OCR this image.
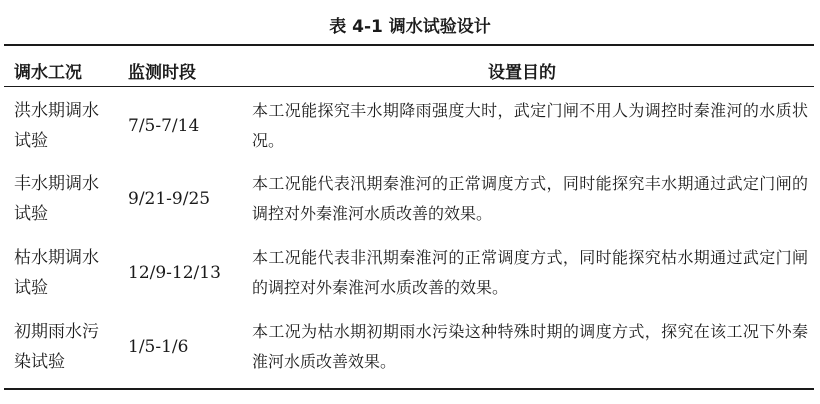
表 4-1 调水试验设计
调水工况	监测时段	设置目的
洪水期调水试验
7/5-7/14
本工况能探究丰水期降雨强度大时，武定门闸不用人为调控时秦淮河的水质状况。
丰水期调水试验
9/21-9/25
本工况能代表汛期秦淮河的正常调度方式，同时能探究丰水期通过武定门闸的调控对外秦淮河水质改善的效果。
枯水期调水试验
12/9-12/13
本工况能代表非汛期秦淮河的正常调度方式，同时能探究枯水期通过武定门闸的调控对外秦淮河水质改善的效果。
初期雨水污染试验
1/5-1/6
本工况为枯水期初期雨水污染这种特殊时期的调度方式，探究在该工况下外秦淮河水质改善效果。
